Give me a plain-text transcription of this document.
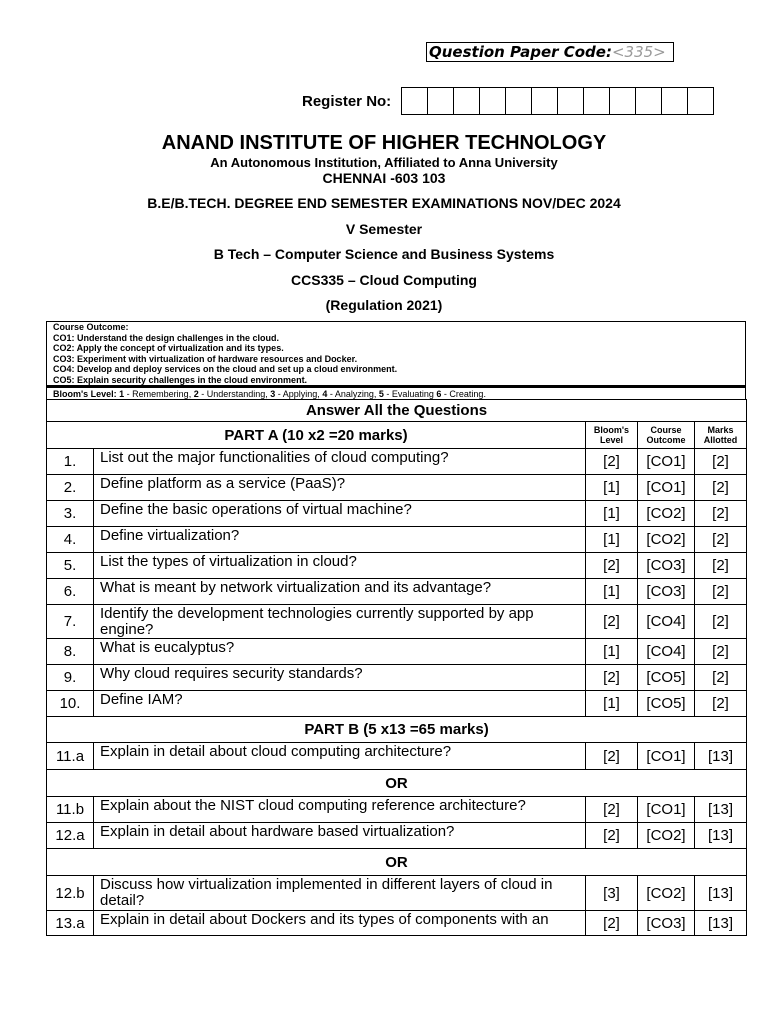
Question Paper Code:<335>
Register No:
ANAND INSTITUTE OF HIGHER TECHNOLOGY
An Autonomous Institution, Affiliated to Anna University
CHENNAI -603 103
B.E/B.TECH. DEGREE END SEMESTER EXAMINATIONS NOV/DEC 2024
V Semester
B Tech – Computer Science and Business Systems
CCS335 – Cloud Computing
(Regulation 2021)
Course Outcome:
CO1: Understand the design challenges in the cloud.
CO2: Apply the concept of virtualization and its types.
CO3: Experiment with virtualization of hardware resources and Docker.
CO4: Develop and deploy services on the cloud and set up a cloud environment.
CO5: Explain security challenges in the cloud environment.
Bloom's Level: 1 - Remembering, 2 - Understanding, 3 - Applying, 4 - Analyzing, 5 - Evaluating 6 - Creating.
Answer All the Questions				
PART A (10 x2 =20 marks)		Bloom's Level	Course Outcome	Marks Allotted
1.	List out the major functionalities of cloud computing?	[2]	[CO1]	[2]
2.	Define platform as a service (PaaS)?	[1]	[CO1]	[2]
3.	Define the basic operations of virtual machine?	[1]	[CO2]	[2]
4.	Define virtualization?	[1]	[CO2]	[2]
5.	List the types of virtualization in cloud?	[2]	[CO3]	[2]
6.	What is meant by network virtualization and its advantage?	[1]	[CO3]	[2]
7.	Identify the development technologies currently supported by app engine?	[2]	[CO4]	[2]
8.	What is eucalyptus?	[1]	[CO4]	[2]
9.	Why cloud requires security standards?	[2]	[CO5]	[2]
10.	Define IAM?	[1]	[CO5]	[2]
PART B (5 x13 =65 marks)				
11.a	Explain in detail about cloud computing architecture?	[2]	[CO1]	[13]
OR				
11.b	Explain about the NIST cloud computing reference architecture?	[2]	[CO1]	[13]
12.a	Explain in detail about hardware based virtualization?	[2]	[CO2]	[13]
OR				
12.b	Discuss how virtualization implemented in different layers of cloud in detail?	[3]	[CO2]	[13]
13.a	Explain in detail about Dockers and its types of components with an	[2]	[CO3]	[13]
